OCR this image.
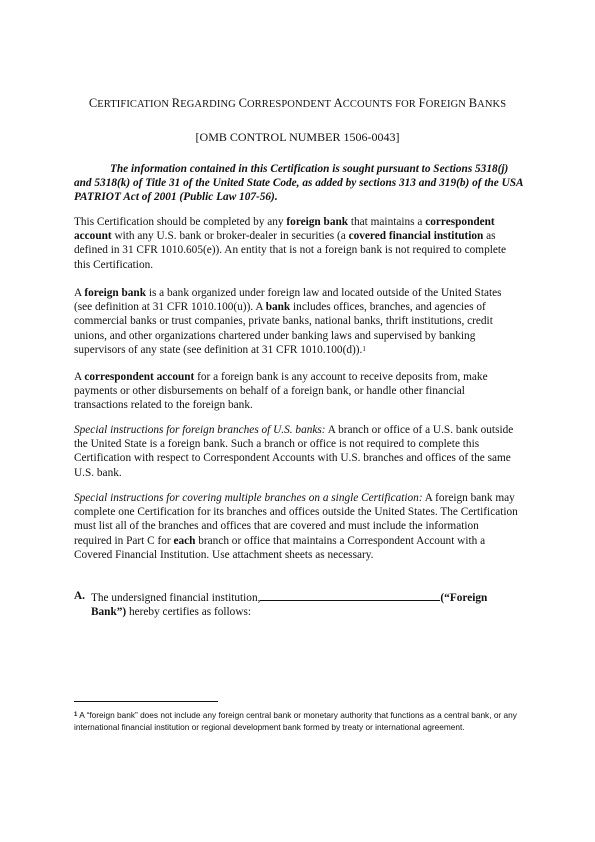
CERTIFICATION REGARDING CORRESPONDENT ACCOUNTS FOR FOREIGN BANKS
[OMB CONTROL NUMBER 1506-0043]
The information contained in this Certification is sought pursuant to Sections 5318(j) and 5318(k) of Title 31 of the United State Code, as added by sections 313 and 319(b) of the USA PATRIOT Act of 2001 (Public Law 107-56).
This Certification should be completed by any foreign bank that maintains a correspondent account with any U.S. bank or broker-dealer in securities (a covered financial institution as defined in 31 CFR 1010.605(e)). An entity that is not a foreign bank is not required to complete this Certification.
A foreign bank is a bank organized under foreign law and located outside of the United States (see definition at 31 CFR 1010.100(u)). A bank includes offices, branches, and agencies of commercial banks or trust companies, private banks, national banks, thrift institutions, credit unions, and other organizations chartered under banking laws and supervised by banking supervisors of any state (see definition at 31 CFR 1010.100(d)).$^1$
A correspondent account for a foreign bank is any account to receive deposits from, make payments or other disbursements on behalf of a foreign bank, or handle other financial transactions related to the foreign bank.
Special instructions for foreign branches of U.S. banks: A branch or office of a U.S. bank outside the United State is a foreign bank. Such a branch or office is not required to complete this Certification with respect to Correspondent Accounts with U.S. branches and offices of the same U.S. bank.
Special instructions for covering multiple branches on a single Certification: A foreign bank may complete one Certification for its branches and offices outside the United States. The Certification must list all of the branches and offices that are covered and must include the information required in Part C for each branch or office that maintains a Correspondent Account with a Covered Financial Institution. Use attachment sheets as necessary.
A. The undersigned financial institution,	(“Foreign Bank”) hereby certifies as follows:
$^1$ A “foreign bank” does not include any foreign central bank or monetary authority that functions as a central bank, or any international financial institution or regional development bank formed by treaty or international agreement.
